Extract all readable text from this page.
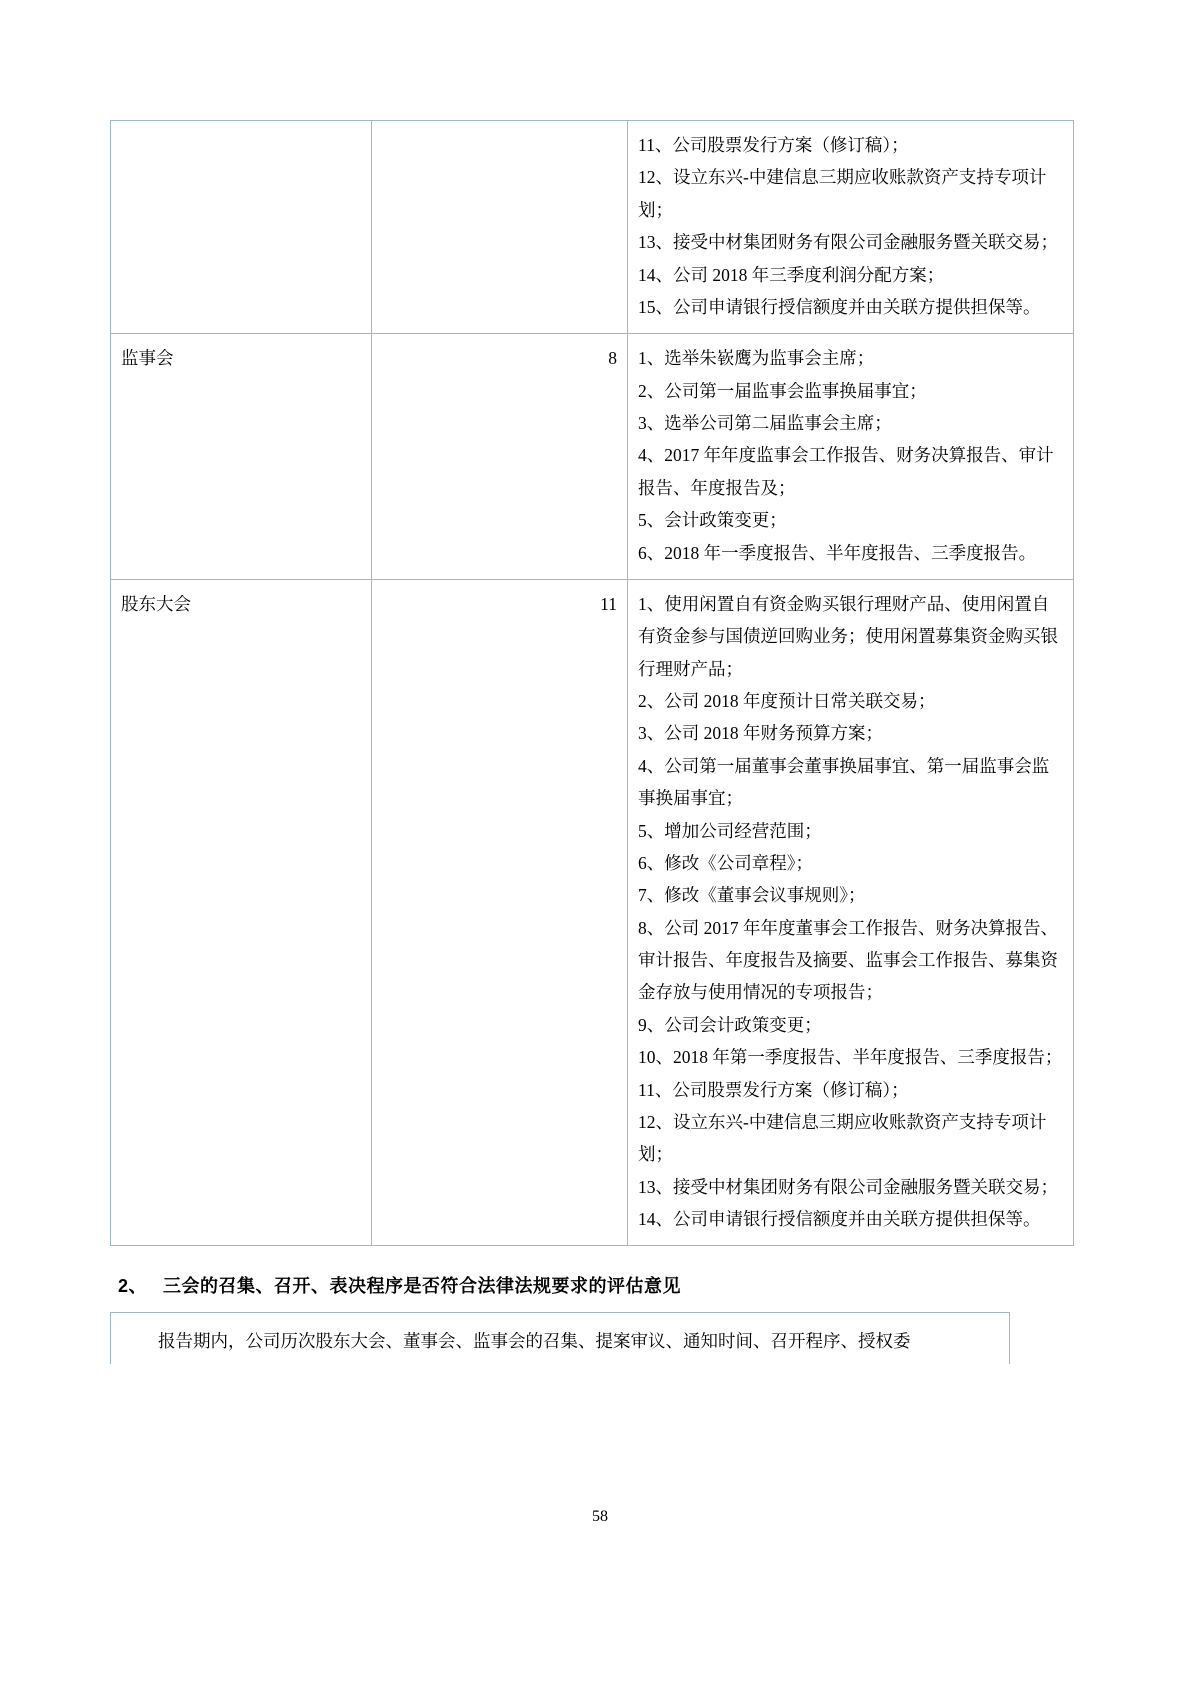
		11、公司股票发行方案（修订稿）；

12、设立东兴-中建信息三期应收账款资产支持专项计划；

13、接受中材集团财务有限公司金融服务暨关联交易；

14、公司 2018 年三季度利润分配方案；

15、公司申请银行授信额度并由关联方提供担保等。

监事会	8	1、选举朱嵚鹰为监事会主席；

2、公司第一届监事会监事换届事宜；

3、选举公司第二届监事会主席；

4、2017 年年度监事会工作报告、财务决算报告、审计报告、年度报告及；

5、会计政策变更；

6、2018 年一季度报告、半年度报告、三季度报告。

股东大会	11	1、使用闲置自有资金购买银行理财产品、使用闲置自有资金参与国债逆回购业务；使用闲置募集资金购买银行理财产品；

2、公司 2018 年度预计日常关联交易；

3、公司 2018 年财务预算方案；

4、公司第一届董事会董事换届事宜、第一届监事会监事换届事宜；

5、增加公司经营范围；

6、修改《公司章程》；

7、修改《董事会议事规则》；

8、公司 2017 年年度董事会工作报告、财务决算报告、审计报告、年度报告及摘要、监事会工作报告、募集资金存放与使用情况的专项报告；

9、公司会计政策变更；

10、2018 年第一季度报告、半年度报告、三季度报告；

11、公司股票发行方案（修订稿）；

12、设立东兴-中建信息三期应收账款资产支持专项计划；

13、接受中材集团财务有限公司金融服务暨关联交易；

14、公司申请银行授信额度并由关联方提供担保等。

2、 三会的召集、召开、表决程序是否符合法律法规要求的评估意见

报告期内，公司历次股东大会、董事会、监事会的召集、提案审议、通知时间、召开程序、授权委

58
